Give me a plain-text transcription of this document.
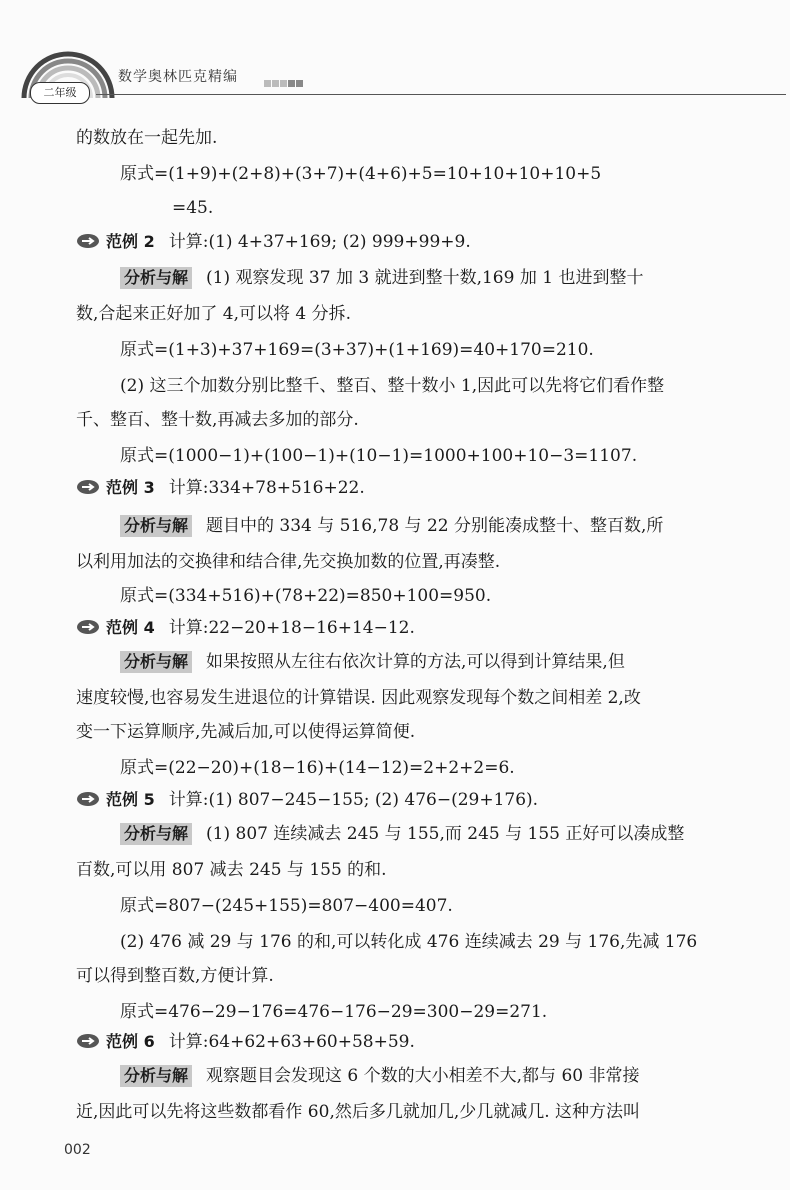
二年级
数学奥林匹克精编
的数放在一起先加.
原式=(1+9)+(2+8)+(3+7)+(4+6)+5=10+10+10+10+5
=45.
范例 2 计算:(1) 4+37+169; (2) 999+99+9.
分析与解 (1) 观察发现 37 加 3 就进到整十数,169 加 1 也进到整十
数,合起来正好加了 4,可以将 4 分拆.
原式=(1+3)+37+169=(3+37)+(1+169)=40+170=210.
(2) 这三个加数分别比整千、整百、整十数小 1,因此可以先将它们看作整
千、整百、整十数,再减去多加的部分.
原式=(1000−1)+(100−1)+(10−1)=1000+100+10−3=1107.
范例 3 计算:334+78+516+22.
分析与解 题目中的 334 与 516,78 与 22 分别能凑成整十、整百数,所
以利用加法的交换律和结合律,先交换加数的位置,再凑整.
原式=(334+516)+(78+22)=850+100=950.
范例 4 计算:22−20+18−16+14−12.
分析与解 如果按照从左往右依次计算的方法,可以得到计算结果,但
速度较慢,也容易发生进退位的计算错误. 因此观察发现每个数之间相差 2,改
变一下运算顺序,先减后加,可以使得运算简便.
原式=(22−20)+(18−16)+(14−12)=2+2+2=6.
范例 5 计算:(1) 807−245−155; (2) 476−(29+176).
分析与解 (1) 807 连续减去 245 与 155,而 245 与 155 正好可以凑成整
百数,可以用 807 减去 245 与 155 的和.
原式=807−(245+155)=807−400=407.
(2) 476 减 29 与 176 的和,可以转化成 476 连续减去 29 与 176,先减 176
可以得到整百数,方便计算.
原式=476−29−176=476−176−29=300−29=271.
范例 6 计算:64+62+63+60+58+59.
分析与解 观察题目会发现这 6 个数的大小相差不大,都与 60 非常接
近,因此可以先将这些数都看作 60,然后多几就加几,少几就减几. 这种方法叫
002
